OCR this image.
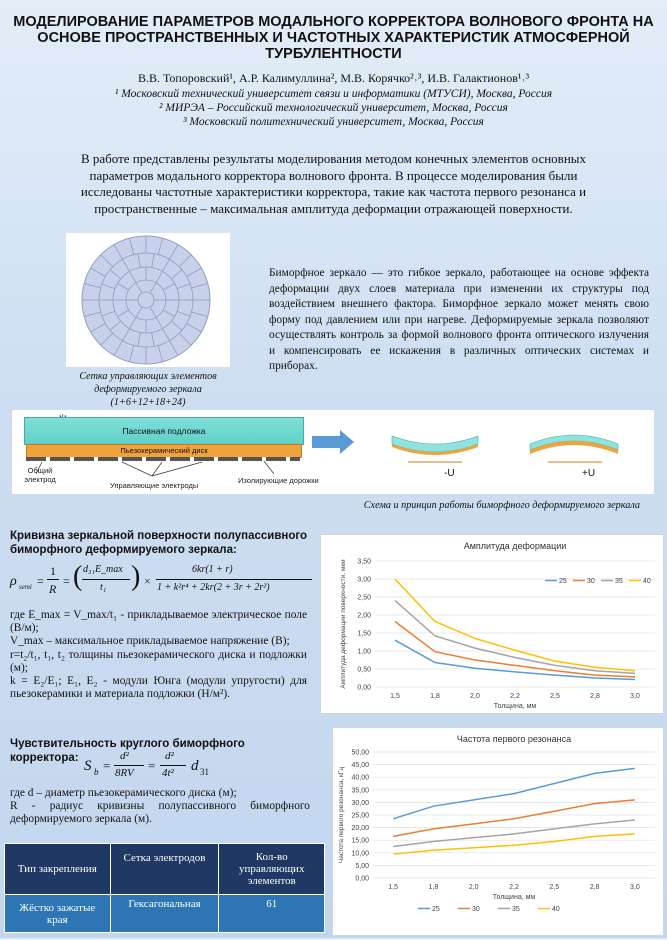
МОДЕЛИРОВАНИЕ ПАРАМЕТРОВ МОДАЛЬНОГО КОРРЕКТОРА ВОЛНОВОГО ФРОНТА НА ОСНОВЕ ПРОСТРАНСТВЕННЫХ И ЧАСТОТНЫХ ХАРАКТЕРИСТИК АТМОСФЕРНОЙ ТУРБУЛЕНТНОСТИ
В.В. Топоровский¹, А.Р. Калимуллина², М.В. Корячко²˒³, И.В. Галактионов¹˒³
¹ Московский технический университет связи и информатики (МТУСИ), Москва, Россия
² МИРЭА – Российский технологический университет, Москва, Россия
³ Московский политехнический университет, Москва, Россия
В работе представлены результаты моделирования методом конечных элементов основных параметров модального корректора волнового фронта. В процессе моделирования были исследованы частотные характеристики корректора, такие как частота первого резонанса и пространственные – максимальная амплитуда деформации отражающей поверхности.
Сетка управляющих элементов деформируемого зеркала (1+6+12+18+24)
Биморфное зеркало — это гибкое зеркало, работающее на основе эффекта деформации двух слоев материала при изменении их структуры под воздействием внешнего фактора. Биморфное зеркало может менять свою форму под давлением или при нагреве. Деформируемые зеркала позволяют осуществлять контроль за формой волнового фронта оптического излучения и компенсировать ее искажения в различных оптических системах и приборах.
Пассивная подложка
Пьезокерамический диск
Общий электрод
Управляющие электроды
Изолирующие дорожки
-U	+U
Схема и принцип работы биморфного деформируемого зеркала
Кривизна зеркальной поверхности полупассивного биморфного деформируемого зеркала:
ρ semi =
1
R
= ( d₃₁E_max
t₁ ) ×
6kr(1 + r)
1 + k²r⁴ + 2kr(2 + 3r + 2r²)
где E_max = V_max/t₁ - прикладываемое электрическое поле (В/м);
V_max – максимальное прикладываемое напряжение (В);
r=t₂/t₁, t₁, t₂ толщины пьезокерамического диска и подложки (м);
k = E₂/E₁; E₁, E₂ - модули Юнга (модули упругости) для пьезокерамики и материала подложки (Н/м²).
Чувствительность круглого биморфного корректора: S b =
d²
8RV =
d²
4t² d 31
где d – диаметр пьезокерамического диска (м);
R - радиус кривизны полупассивного биморфного деформируемого зеркала (м).
Тип закрепления	Сетка электродов	Кол-во управляющих элементов
Жёстко зажатые края	Гексагональная	61
Амплитуда деформации
0,00
0,50
1,00
1,50
2,00
2,50
3,00
3,50
1,5	1,8	2,0	2,2	2,5	2,8	3,0
Толщина, мм
Амплитуда деформации поверхности, мкм	25	30	35	40
Частота первого резонанса
0,00
5,00
10,00
15,00
20,00
25,00
30,00
35,00
40,00
45,00
50,00
1,5	1,8	2,0	2,2	2,5	2,8	3,0
Толщина, мм
Частота первого резонанса, кГц
25	30	35	40
